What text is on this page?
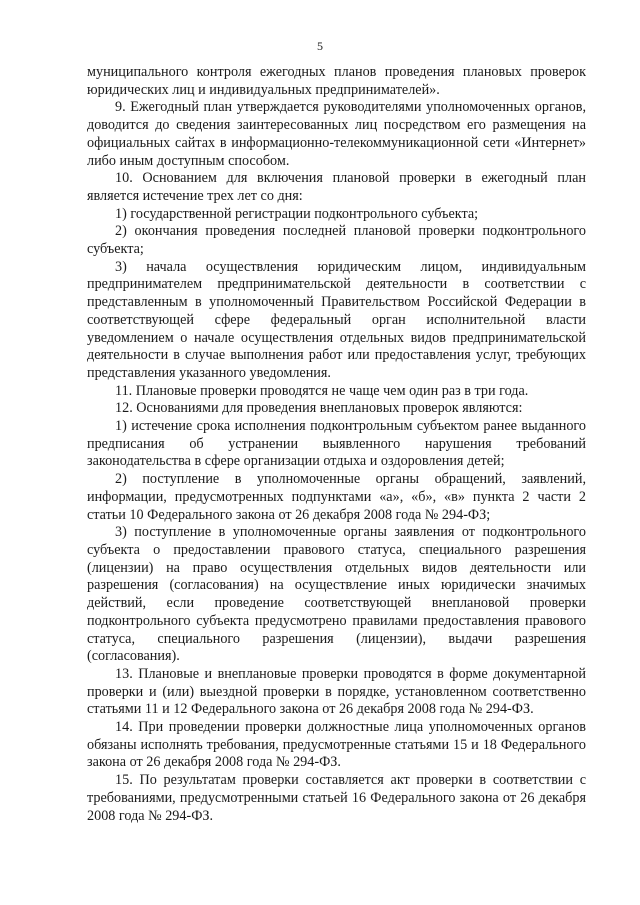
5

муниципального контроля ежегодных планов проведения плановых проверок юридических лиц и индивидуальных предпринимателей».

9. Ежегодный план утверждается руководителями уполномоченных органов, доводится до сведения заинтересованных лиц посредством его размещения на официальных сайтах в информационно-телекоммуникационной сети «Интернет» либо иным доступным способом.

10. Основанием для включения плановой проверки в ежегодный план является истечение трех лет со дня:

1) государственной регистрации подконтрольного субъекта;

2) окончания проведения последней плановой проверки подконтрольного субъекта;

3) начала осуществления юридическим лицом, индивидуальным предпринимателем предпринимательской деятельности в соответствии с представленным в уполномоченный Правительством Российской Федерации в соответствующей сфере федеральный орган исполнительной власти уведомлением о начале осуществления отдельных видов предпринимательской деятельности в случае выполнения работ или предоставления услуг, требующих представления указанного уведомления.

11. Плановые проверки проводятся не чаще чем один раз в три года.

12. Основаниями для проведения внеплановых проверок являются:

1) истечение срока исполнения подконтрольным субъектом ранее выданного предписания об устранении выявленного нарушения требований законодательства в сфере организации отдыха и оздоровления детей;

2) поступление в уполномоченные органы обращений, заявлений, информации, предусмотренных подпунктами «а», «б», «в» пункта 2 части 2 статьи 10 Федерального закона от 26 декабря 2008 года № 294-ФЗ;

3) поступление в уполномоченные органы заявления от подконтрольного субъекта о предоставлении правового статуса, специального разрешения (лицензии) на право осуществления отдельных видов деятельности или разрешения (согласования) на осуществление иных юридически значимых действий, если проведение соответствующей внеплановой проверки подконтрольного субъекта предусмотрено правилами предоставления правового статуса, специального разрешения (лицензии), выдачи разрешения (согласования).

13. Плановые и внеплановые проверки проводятся в форме документарной проверки и (или) выездной проверки в порядке, установленном соответственно статьями 11 и 12 Федерального закона от 26 декабря 2008 года № 294-ФЗ.

14. При проведении проверки должностные лица уполномоченных органов обязаны исполнять требования, предусмотренные статьями 15 и 18 Федерального закона от 26 декабря 2008 года № 294-ФЗ.

15. По результатам проверки составляется акт проверки в соответствии с требованиями, предусмотренными статьей 16 Федерального закона от 26 декабря 2008 года № 294-ФЗ.
